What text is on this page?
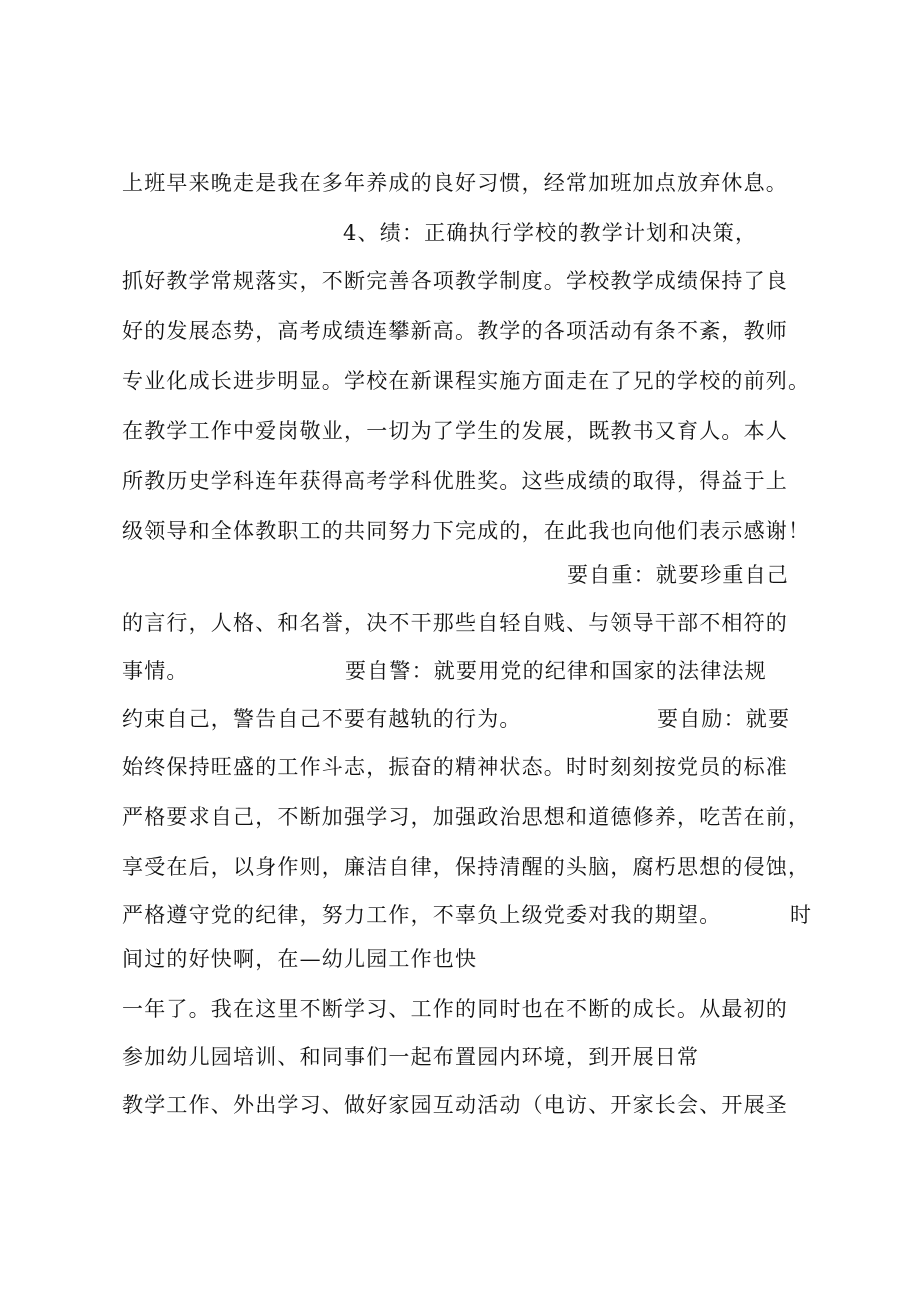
上班早来晚走是我在多年养成的良好习惯，经常加班加点放弃休息。
4、绩：正确执行学校的教学计划和决策，
抓好教学常规落实，不断完善各项教学制度。学校教学成绩保持了良
好的发展态势，高考成绩连攀新高。教学的各项活动有条不紊，教师
专业化成长进步明显。学校在新课程实施方面走在了兄的学校的前列。
在教学工作中爱岗敬业，一切为了学生的发展，既教书又育人。本人
所教历史学科连年获得高考学科优胜奖。这些成绩的取得，得益于上
级领导和全体教职工的共同努力下完成的，在此我也向他们表示感谢！
要自重：就要珍重自己
的言行，人格、和名誉，决不干那些自轻自贱、与领导干部不相符的
事情。	要自警：就要用党的纪律和国家的法律法规
约束自己，警告自己不要有越轨的行为。	要自励：就要
始终保持旺盛的工作斗志，振奋的精神状态。时时刻刻按党员的标准
严格要求自己，不断加强学习，加强政治思想和道德修养，吃苦在前，
享受在后，以身作则，廉洁自律，保持清醒的头脑，腐朽思想的侵蚀，
严格遵守党的纪律，努力工作，不辜负上级党委对我的期望。	时
间过的好快啊，在—幼儿园工作也快
一年了。我在这里不断学习、工作的同时也在不断的成长。从最初的
参加幼儿园培训、和同事们一起布置园内环境，到开展日常
教学工作、外出学习、做好家园互动活动（电访、开家长会、开展圣
